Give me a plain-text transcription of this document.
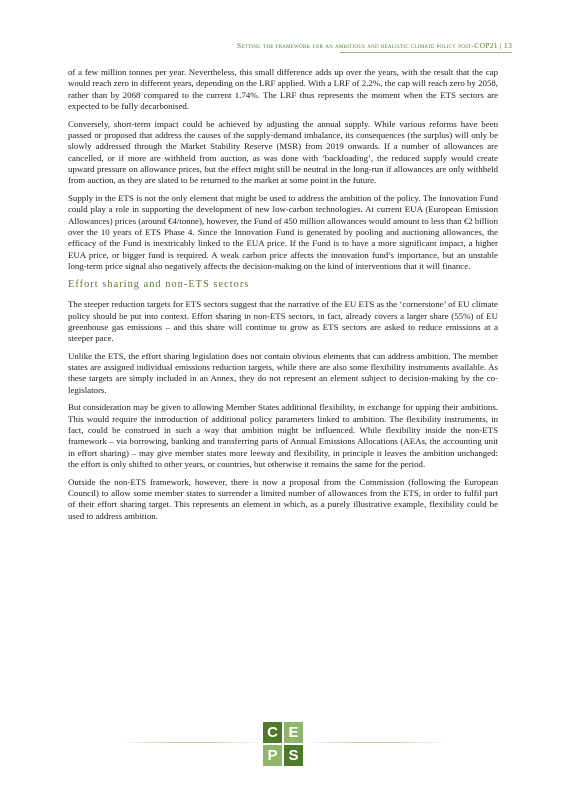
Setting the framework for an ambitious and realistic climate policy post-COP21 | 13

of a few million tonnes per year. Nevertheless, this small difference adds up over the years, with the result that the cap would reach zero in different years, depending on the LRF applied. With a LRF of 2.2%, the cap will reach zero by 2058, rather than by 2068 compared to the current 1.74%. The LRF thus represents the moment when the ETS sectors are expected to be fully decarbonised.

Conversely, short-term impact could be achieved by adjusting the annual supply. While various reforms have been passed or proposed that address the causes of the supply-demand imbalance, its consequences (the surplus) will only be slowly addressed through the Market Stability Reserve (MSR) from 2019 onwards. If a number of allowances are cancelled, or if more are withheld from auction, as was done with ‘backloading’, the reduced supply would create upward pressure on allowance prices, but the effect might still be neutral in the long-run if allowances are only withheld from auction, as they are slated to be returned to the market at some point in the future.

Supply in the ETS is not the only element that might be used to address the ambition of the policy. The Innovation Fund could play a role in supporting the development of new low-carbon technologies. At current EUA (European Emission Allowances) prices (around €4/tonne), however, the Fund of 450 million allowances would amount to less than €2 billion over the 10 years of ETS Phase 4. Since the Innovation Fund is generated by pooling and auctioning allowances, the efficacy of the Fund is inextricably linked to the EUA price. If the Fund is to have a more significant impact, a higher EUA price, or bigger fund is required. A weak carbon price affects the innovation fund’s importance, but an unstable long-term price signal also negatively affects the decision-making on the kind of interventions that it will finance.

Effort sharing and non-ETS sectors

The steeper reduction targets for ETS sectors suggest that the narrative of the EU ETS as the ‘cornerstone’ of EU climate policy should be put into context. Effort sharing in non-ETS sectors, in fact, already covers a larger share (55%) of EU greenhouse gas emissions – and this share will continue to grow as ETS sectors are asked to reduce emissions at a steeper pace.

Unlike the ETS, the effort sharing legislation does not contain obvious elements that can address ambition. The member states are assigned individual emissions reduction targets, while there are also some flexibility instruments available. As these targets are simply included in an Annex, they do not represent an element subject to decision-making by the co-legislators.

But consideration may be given to allowing Member States additional flexibility, in exchange for upping their ambitions. This would require the introduction of additional policy parameters linked to ambition. The flexibility instruments, in fact, could be construed in such a way that ambition might be influenced. While flexibility inside the non-ETS framework – via borrowing, banking and transferring parts of Annual Emissions Allocations (AEAs, the accounting unit in effort sharing) – may give member states more leeway and flexibility, in principle it leaves the ambition unchanged: the effort is only shifted to other years, or countries, but otherwise it remains the same for the period.

Outside the non-ETS framework, however, there is now a proposal from the Commission (following the European Council) to allow some member states to surrender a limited number of allowances from the ETS, in order to fulfil part of their effort sharing target. This represents an element in which, as a purely illustrative example, flexibility could be used to address ambition.

C E
P S
